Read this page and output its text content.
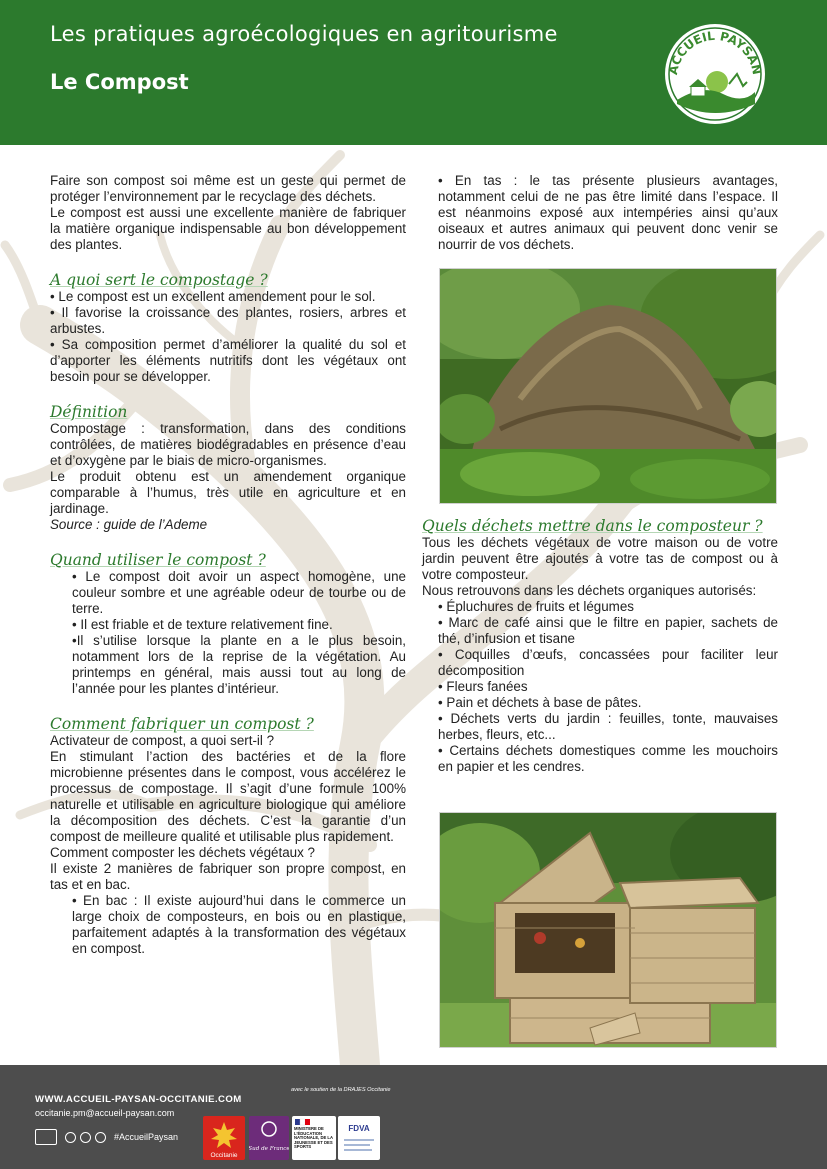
Les pratiques agroécologiques en agritourisme
Le Compost
ACCUEIL PAYSAN

Faire son compost soi même est un geste qui permet de protéger l’environnement par le recyclage des déchets.

Le compost est aussi une excellente manière de fabriquer la matière organique indispensable au bon développement des plantes.

A quoi sert le compostage ?

• Le compost est un excellent amendement pour le sol.

• Il favorise la croissance des plantes, rosiers, arbres et arbustes.

• Sa composition permet d’améliorer la qualité du sol et d’apporter les éléments nutritifs dont les végétaux ont besoin pour se développer.

Définition

Compostage : transformation, dans des conditions contrôlées, de matières biodégradables en présence d’eau et d’oxygène par le biais de micro-organismes.

Le produit obtenu est un amendement organique comparable à l’humus, très utile en agriculture et en jardinage.

Source : guide de l’Ademe

Quand utiliser le compost ?

• Le compost doit avoir un aspect homogène, une couleur sombre et une agréable odeur de tourbe ou de terre.

• Il est friable et de texture relativement fine.

•Il s’utilise lorsque la plante en a le plus besoin, notamment lors de la reprise de la végétation. Au printemps en général, mais aussi tout au long de l’année pour les plantes d’intérieur.

Comment fabriquer un compost ?

Activateur de compost, a quoi sert-il ?

En stimulant l’action des bactéries et de la flore microbienne présentes dans le compost, vous accélérez le processus de compostage. Il s’agit d’une formule 100% naturelle et utilisable en agriculture biologique qui améliore la décomposition des déchets. C’est la garantie d’un compost de meilleure qualité et utilisable plus rapidement.

Comment composter les déchets végétaux ?

Il existe 2 manières de fabriquer son propre compost, en tas et en bac.

• En bac : Il existe aujourd’hui dans le commerce un large choix de composteurs, en bois ou en plastique, parfaitement adaptés à la transformation des végétaux en compost.

• En tas : le tas présente plusieurs avantages, notamment celui de ne pas être limité dans l’espace. Il est néanmoins exposé aux intempéries ainsi qu’aux oiseaux et autres animaux qui peuvent donc venir se nourrir de vos déchets.

Quels déchets mettre dans le composteur ?

Tous les déchets végétaux de votre maison ou de votre jardin peuvent être ajoutés à votre tas de compost ou à votre composteur.

Nous retrouvons dans les déchets organiques autorisés:

• Épluchures de fruits et légumes

• Marc de café ainsi que le filtre en papier, sachets de thé, d’infusion et tisane

• Coquilles d’œufs, concassées pour faciliter leur décomposition

• Fleurs fanées

• Pain et déchets à base de pâtes.

• Déchets verts du jardin : feuilles, tonte, mauvaises herbes, fleurs, etc...

• Certains déchets domestiques comme les mouchoirs en papier et les cendres.

WWW.ACCUEIL-PAYSAN-OCCITANIE.COM
occitanie.pm@accueil-paysan.com
#AccueilPaysan
avec le soutien de la DRAJES Occitanie
Occitanie
Sud de France
MINISTÈRE DE L’ÉDUCATION NATIONALE, DE LA JEUNESSE ET DES SPORTS
FDVA
